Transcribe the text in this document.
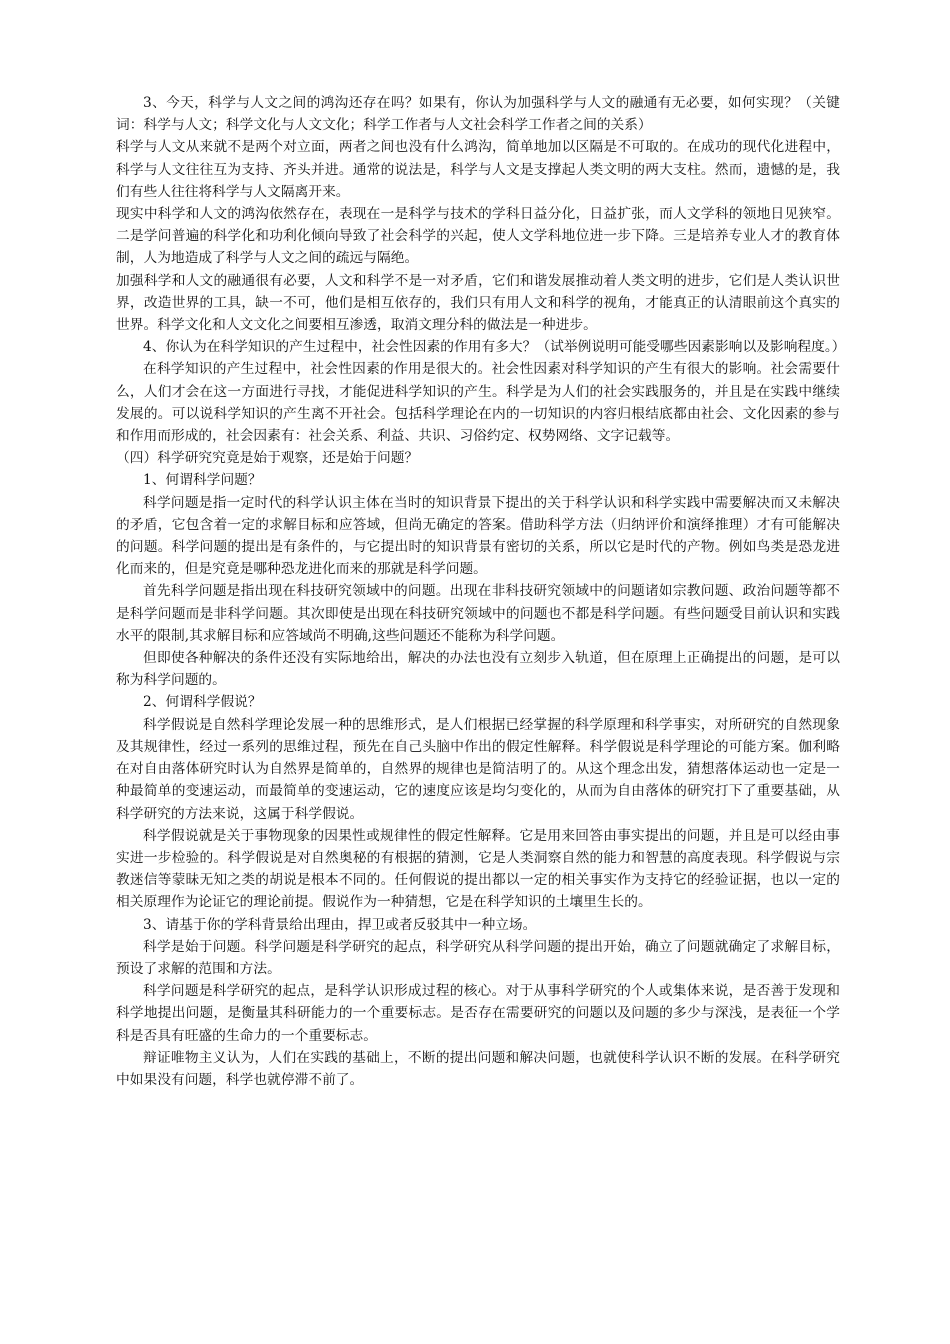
3、今天，科学与人文之间的鸿沟还存在吗？如果有，你认为加强科学与人文的融通有无必要，如何实现？（关键词：科学与人文；科学文化与人文文化；科学工作者与人文社会科学工作者之间的关系）

科学与人文从来就不是两个对立面，两者之间也没有什么鸿沟，简单地加以区隔是不可取的。在成功的现代化进程中，科学与人文往往互为支持、齐头并进。通常的说法是，科学与人文是支撑起人类文明的两大支柱。然而，遗憾的是，我们有些人往往将科学与人文隔离开来。

现实中科学和人文的鸿沟依然存在，表现在一是科学与技术的学科日益分化，日益扩张，而人文学科的领地日见狭窄。二是学问普遍的科学化和功利化倾向导致了社会科学的兴起，使人文学科地位进一步下降。三是培养专业人才的教育体制，人为地造成了科学与人文之间的疏远与隔绝。

加强科学和人文的融通很有必要，人文和科学不是一对矛盾，它们和谐发展推动着人类文明的进步，它们是人类认识世界，改造世界的工具，缺一不可，他们是相互依存的，我们只有用人文和科学的视角，才能真正的认清眼前这个真实的世界。科学文化和人文文化之间要相互渗透，取消文理分科的做法是一种进步。

4、你认为在科学知识的产生过程中，社会性因素的作用有多大？（试举例说明可能受哪些因素影响以及影响程度。）

在科学知识的产生过程中，社会性因素的作用是很大的。社会性因素对科学知识的产生有很大的影响。社会需要什么，人们才会在这一方面进行寻找，才能促进科学知识的产生。科学是为人们的社会实践服务的，并且是在实践中继续发展的。可以说科学知识的产生离不开社会。包括科学理论在内的一切知识的内容归根结底都由社会、文化因素的参与和作用而形成的，社会因素有：社会关系、利益、共识、习俗约定、权势网络、文字记载等。

（四）科学研究究竟是始于观察，还是始于问题？

1、何谓科学问题？

科学问题是指一定时代的科学认识主体在当时的知识背景下提出的关于科学认识和科学实践中需要解决而又未解决的矛盾，它包含着一定的求解目标和应答域，但尚无确定的答案。借助科学方法（归纳评价和演绎推理）才有可能解决的问题。科学问题的提出是有条件的，与它提出时的知识背景有密切的关系，所以它是时代的产物。例如鸟类是恐龙进化而来的，但是究竟是哪种恐龙进化而来的那就是科学问题。

首先科学问题是指出现在科技研究领域中的问题。出现在非科技研究领域中的问题诸如宗教问题、政治问题等都不是科学问题而是非科学问题。其次即使是出现在科技研究领域中的问题也不都是科学问题。有些问题受目前认识和实践水平的限制,其求解目标和应答域尚不明确,这些问题还不能称为科学问题。

但即使各种解决的条件还没有实际地给出，解决的办法也没有立刻步入轨道，但在原理上正确提出的问题，是可以称为科学问题的。

2、何谓科学假说？

科学假说是自然科学理论发展一种的思维形式，是人们根据已经掌握的科学原理和科学事实，对所研究的自然现象及其规律性，经过一系列的思维过程，预先在自己头脑中作出的假定性解释。科学假说是科学理论的可能方案。伽利略在对自由落体研究时认为自然界是简单的，自然界的规律也是简洁明了的。从这个理念出发，猜想落体运动也一定是一种最简单的变速运动，而最简单的变速运动，它的速度应该是均匀变化的，从而为自由落体的研究打下了重要基础，从科学研究的方法来说，这属于科学假说。

科学假说就是关于事物现象的因果性或规律性的假定性解释。它是用来回答由事实提出的问题，并且是可以经由事实进一步检验的。科学假说是对自然奥秘的有根据的猜测，它是人类洞察自然的能力和智慧的高度表现。科学假说与宗教迷信等蒙昧无知之类的胡说是根本不同的。任何假说的提出都以一定的相关事实作为支持它的经验证据，也以一定的相关原理作为论证它的理论前提。假说作为一种猜想，它是在科学知识的土壤里生长的。

3、请基于你的学科背景给出理由，捍卫或者反驳其中一种立场。

科学是始于问题。科学问题是科学研究的起点，科学研究从科学问题的提出开始，确立了问题就确定了求解目标，预设了求解的范围和方法。

科学问题是科学研究的起点，是科学认识形成过程的核心。对于从事科学研究的个人或集体来说，是否善于发现和科学地提出问题，是衡量其科研能力的一个重要标志。是否存在需要研究的问题以及问题的多少与深浅，是表征一个学科是否具有旺盛的生命力的一个重要标志。

辩证唯物主义认为，人们在实践的基础上，不断的提出问题和解决问题，也就使科学认识不断的发展。在科学研究中如果没有问题，科学也就停滞不前了。
